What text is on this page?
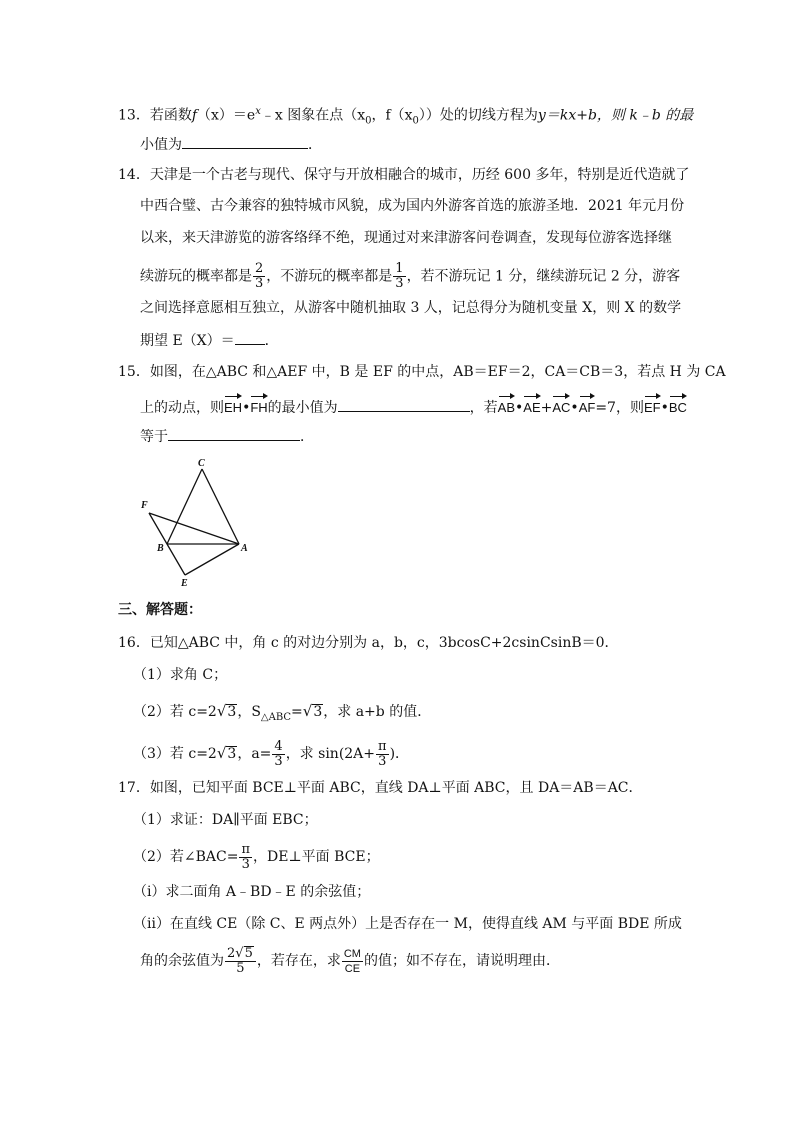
13．若函数$f(x)=e^x﹣x$ 图象在点（$x_0$，$f(x_0)$）处的切线方程为y＝kx+b，则 k﹣b 的最
小值为	．
14．天津是一个古老与现代、保守与开放相融合的城市，历经 600 多年，特别是近代造就了
中西合璧、古今兼容的独特城市风貌，成为国内外游客首选的旅游圣地．2021 年元月份
以来，来天津游览的游客络绎不绝，现通过对来津游客问卷调查，发现每位游客选择继
续游玩的概率都是 $\frac{2}{3}$ ，不游玩的概率都是 $\frac{1}{3}$ ，若不游玩记 1 分，继续游玩记 2 分，游客
之间选择意愿相互独立，从游客中随机抽取 3 人，记总得分为随机变量 X，则 X 的数学
期望 E（X）＝ ．
15．如图，在△ABC 和△AEF 中，B 是 EF 的中点，AB＝EF＝2，CA＝CB＝3，若点 H 为 CA
上的动点，则EH•FH的最小值为	，若AB•AE+AC•AF=7，则EF•BC
等于	．
C
F
B	A
E
三、解答题：
16．已知△ABC 中，角 c 的对边分别为 a，b，c，3bcosC+2csinCsinB＝0．
（1）求角 C；
（2）若 c=2√3，$S_{\triangle ABC}=√3$，求 a+b 的值．
（3）若 c=2√3，$a= \frac{4}{3}$ ，求 $\sin(2A+ \frac{\pi}{3}$ )．
17．如图，已知平面 BCE⊥平面 ABC，直线 DA⊥平面 ABC，且 DA＝AB＝AC．
（1）求证：DA∥平面 EBC；
（2）若∠BAC= $\frac{\pi}{3}$ ，DE⊥平面 BCE；
（ⅰ）求二面角 A﹣BD﹣E 的余弦值；
（ⅱ）在直线 CE（除 C、E 两点外）上是否存在一 M，使得直线 AM 与平面 BDE 所成
角的余弦值为 $\frac{2√5}{5}$ ，若存在，求 $\frac{CM}{CE}$ 的值；如不存在，请说明理由．
